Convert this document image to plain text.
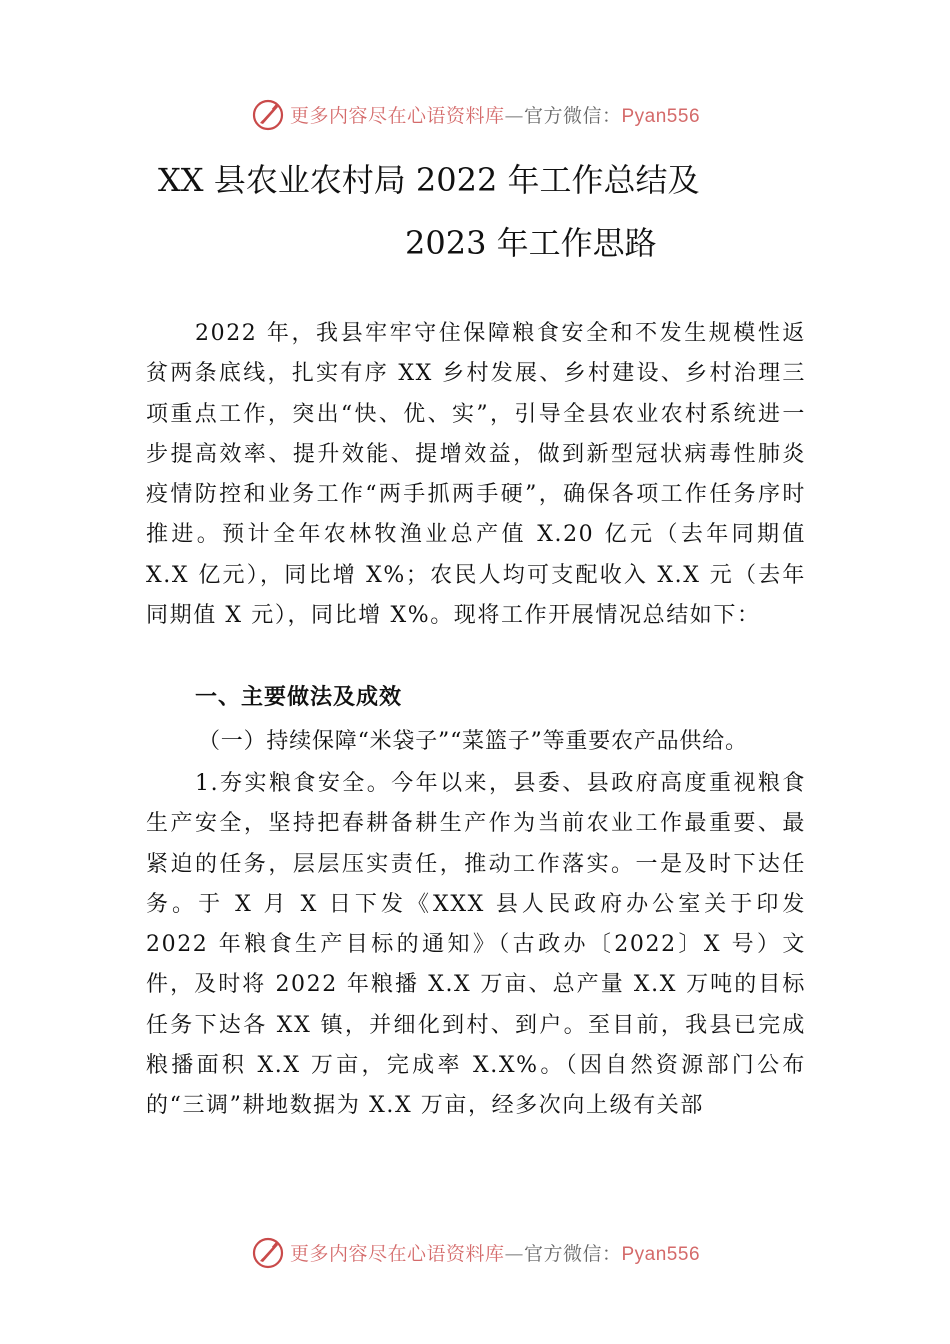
更多内容尽在心语资料库—官方微信：Pyan556
XX 县农业农村局 2022 年工作总结及
2023 年工作思路
2022 年，我县牢牢守住保障粮食安全和不发生规模性返贫两条底线，扎实有序 XX 乡村发展、乡村建设、乡村治理三项重点工作，突出“快、优、实”，引导全县农业农村系统进一步提高效率、提升效能、提增效益，做到新型冠状病毒性肺炎疫情防控和业务工作“两手抓两手硬”，确保各项工作任务序时推进。预计全年农林牧渔业总产值 X.20 亿元（去年同期值 X.X 亿元），同比增 X%；农民人均可支配收入 X.X 元（去年同期值 X 元），同比增 X%。现将工作开展情况总结如下：
一、主要做法及成效
（一）持续保障“米袋子”“菜篮子”等重要农产品供给。
1.夯实粮食安全。今年以来，县委、县政府高度重视粮食生产安全，坚持把春耕备耕生产作为当前农业工作最重要、最紧迫的任务，层层压实责任，推动工作落实。一是及时下达任务。于 X 月 X 日下发《XXX 县人民政府办公室关于印发 2022 年粮食生产目标的通知》（古政办〔2022〕X 号）文件，及时将 2022 年粮播 X.X 万亩、总产量 X.X 万吨的目标任务下达各 XX 镇，并细化到村、到户。至目前，我县已完成粮播面积 X.X 万亩，完成率 X.X%。（因自然资源部门公布的“三调”耕地数据为 X.X 万亩，经多次向上级有关部
更多内容尽在心语资料库—官方微信：Pyan556
